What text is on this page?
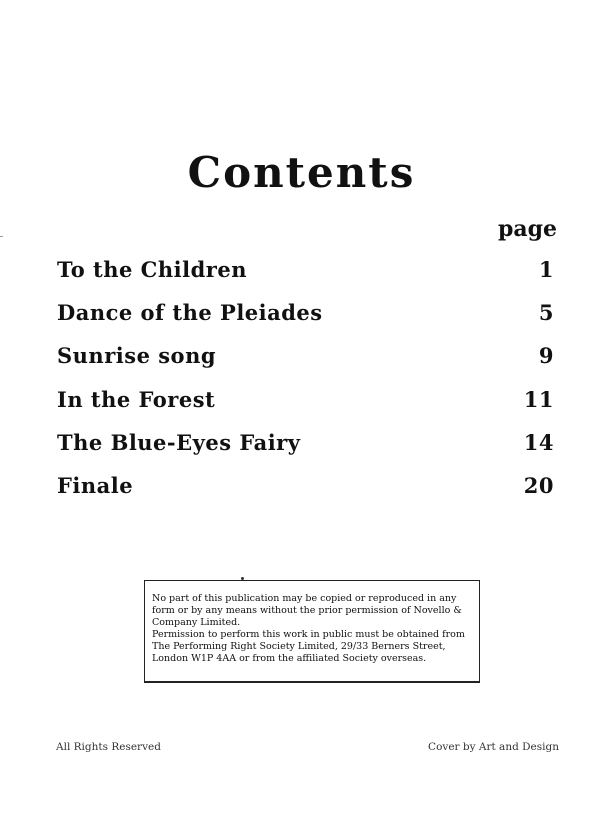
Contents
page
To the Children	1
Dance of the Pleiades	5
Sunrise song	9
In the Forest	11
The Blue-Eyes Fairy	14
Finale	20

No part of this publication may be copied or reproduced in any
form or by any means without the prior permission of Novello &
Company Limited.
Permission to perform this work in public must be obtained from
The Performing Right Society Limited, 29/33 Berners Street,
London W1P 4AA or from the affiliated Society overseas.

All Rights Reserved	Cover by Art and Design
